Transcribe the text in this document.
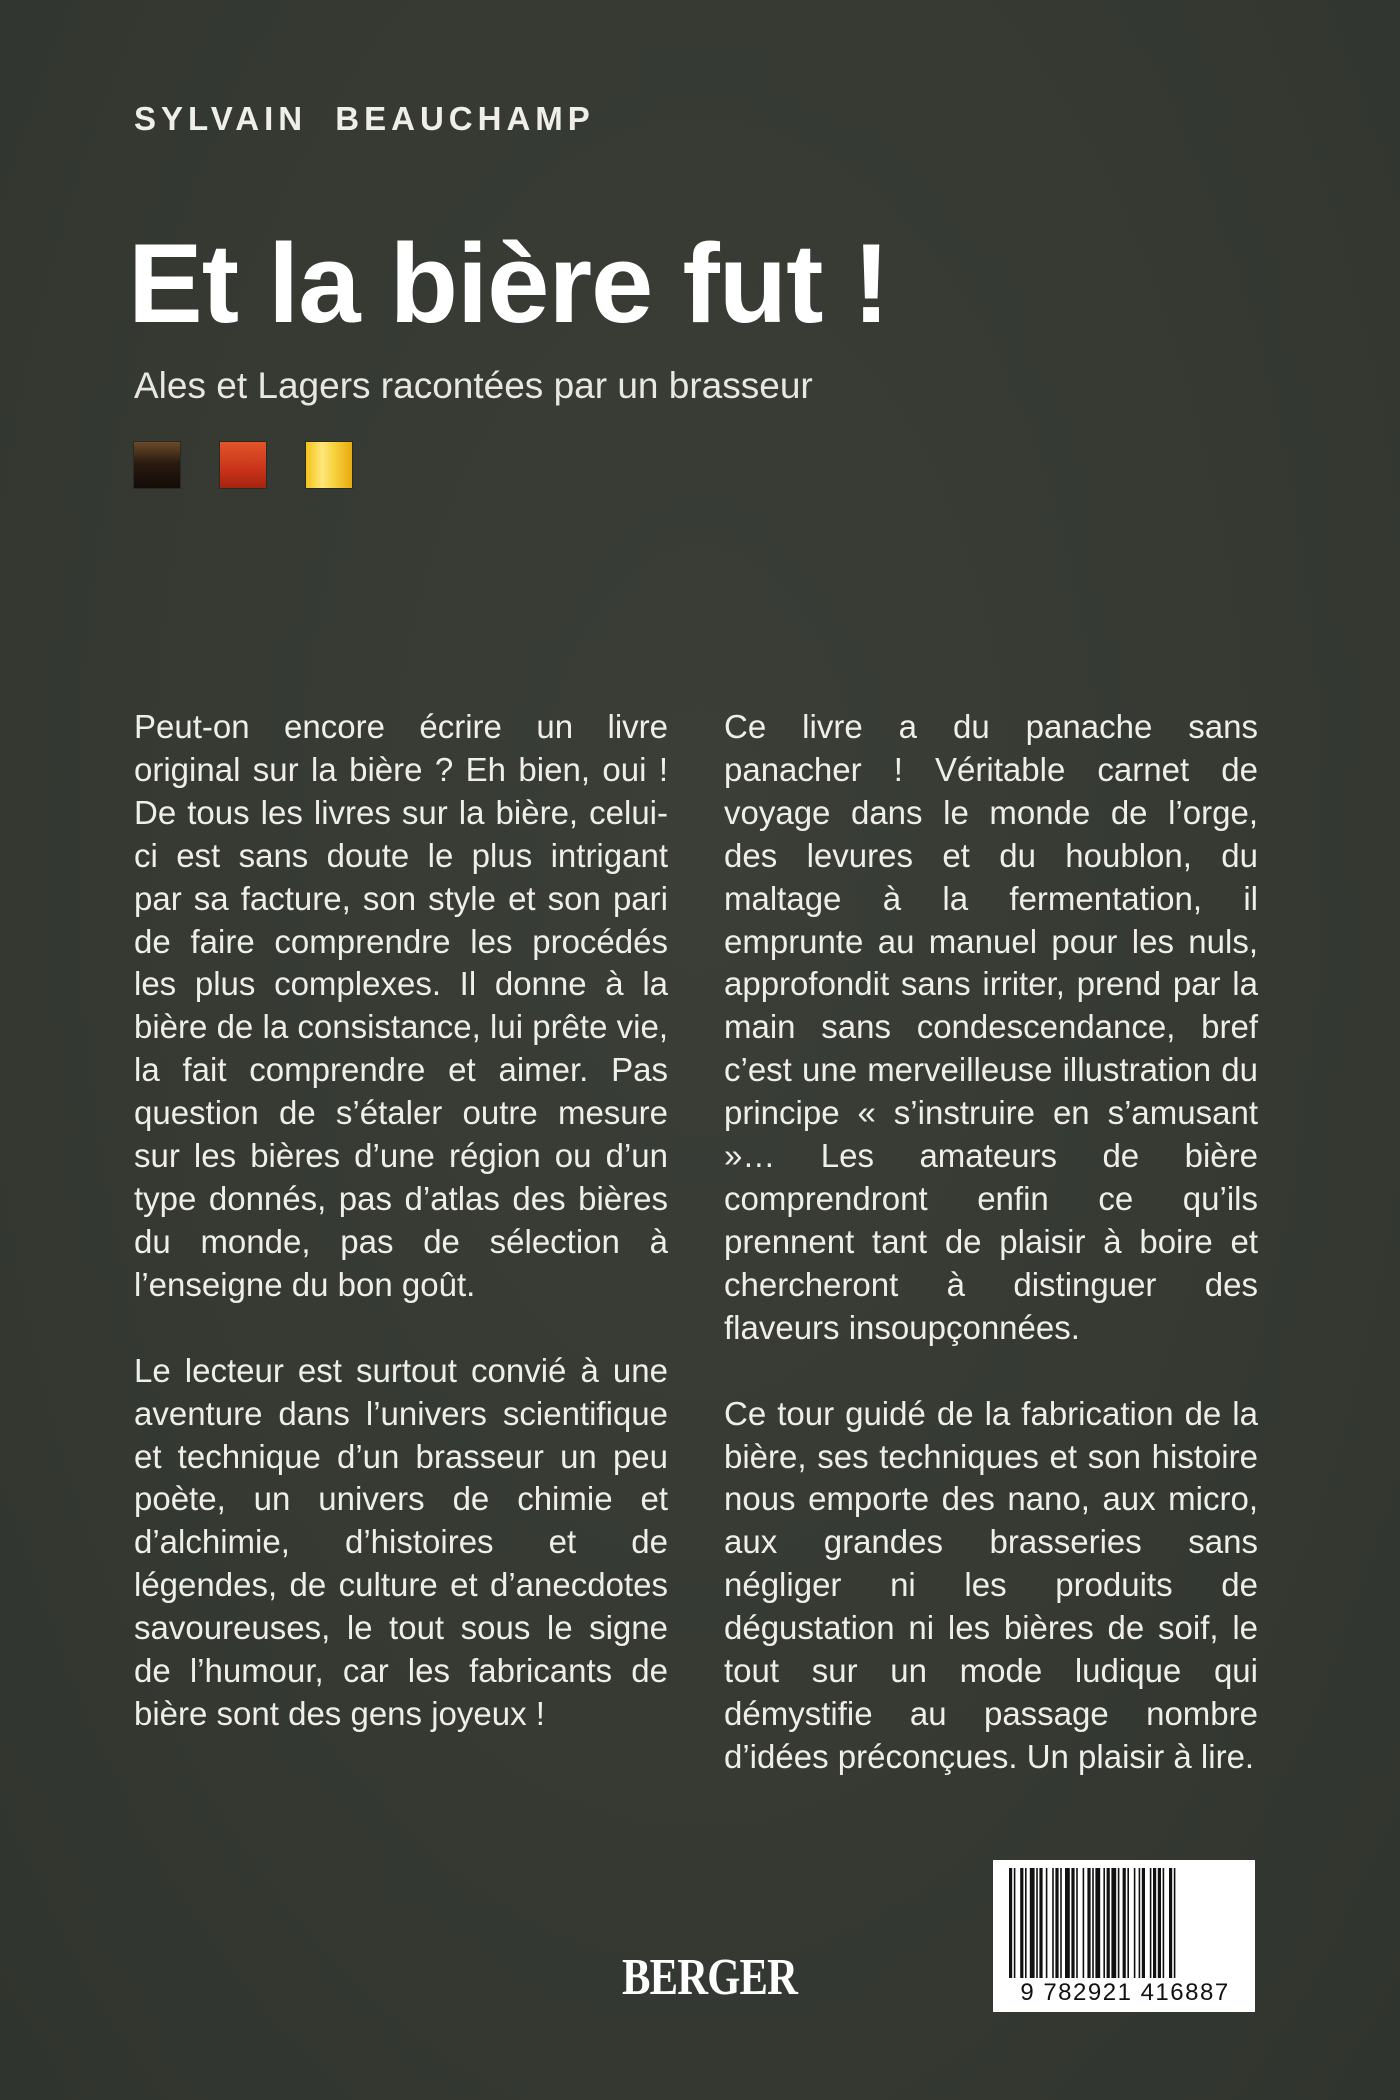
SYLVAIN BEAUCHAMP
Et la bière fut !
Ales et Lagers racontées par un brasseur

Peut-on encore écrire un livre original sur la bière ? Eh bien, oui ! De tous les livres sur la bière, celui-ci est sans doute le plus intrigant par sa facture, son style et son pari de faire comprendre les procédés les plus complexes. Il donne à la bière de la consistance, lui prête vie, la fait comprendre et aimer. Pas question de s’étaler outre mesure sur les bières d’une région ou d’un type donnés, pas d’atlas des bières du monde, pas de sélection à l’enseigne du bon goût.

Le lecteur est surtout convié à une aventure dans l’univers scientifique et technique d’un brasseur un peu poète, un univers de chimie et d’alchimie, d’histoires et de légendes, de culture et d’anecdotes savoureuses, le tout sous le signe de l’humour, car les fabricants de bière sont des gens joyeux !

Ce livre a du panache sans panacher ! Véritable carnet de voyage dans le monde de l’orge, des levures et du houblon, du maltage à la fermentation, il emprunte au manuel pour les nuls, approfondit sans irriter, prend par la main sans condescendance, bref c’est une merveilleuse illustration du principe « s’instruire en s’amusant »… Les amateurs de bière comprendront enfin ce qu’ils prennent tant de plaisir à boire et chercheront à distinguer des flaveurs insoupçonnées.

Ce tour guidé de la fabrication de la bière, ses techniques et son histoire nous emporte des nano, aux micro, aux grandes brasseries sans négliger ni les produits de dégustation ni les bières de soif, le tout sur un mode ludique qui démystifie au passage nombre d’idées préconçues. Un plaisir à lire.

BERGER	9 782921 416887
